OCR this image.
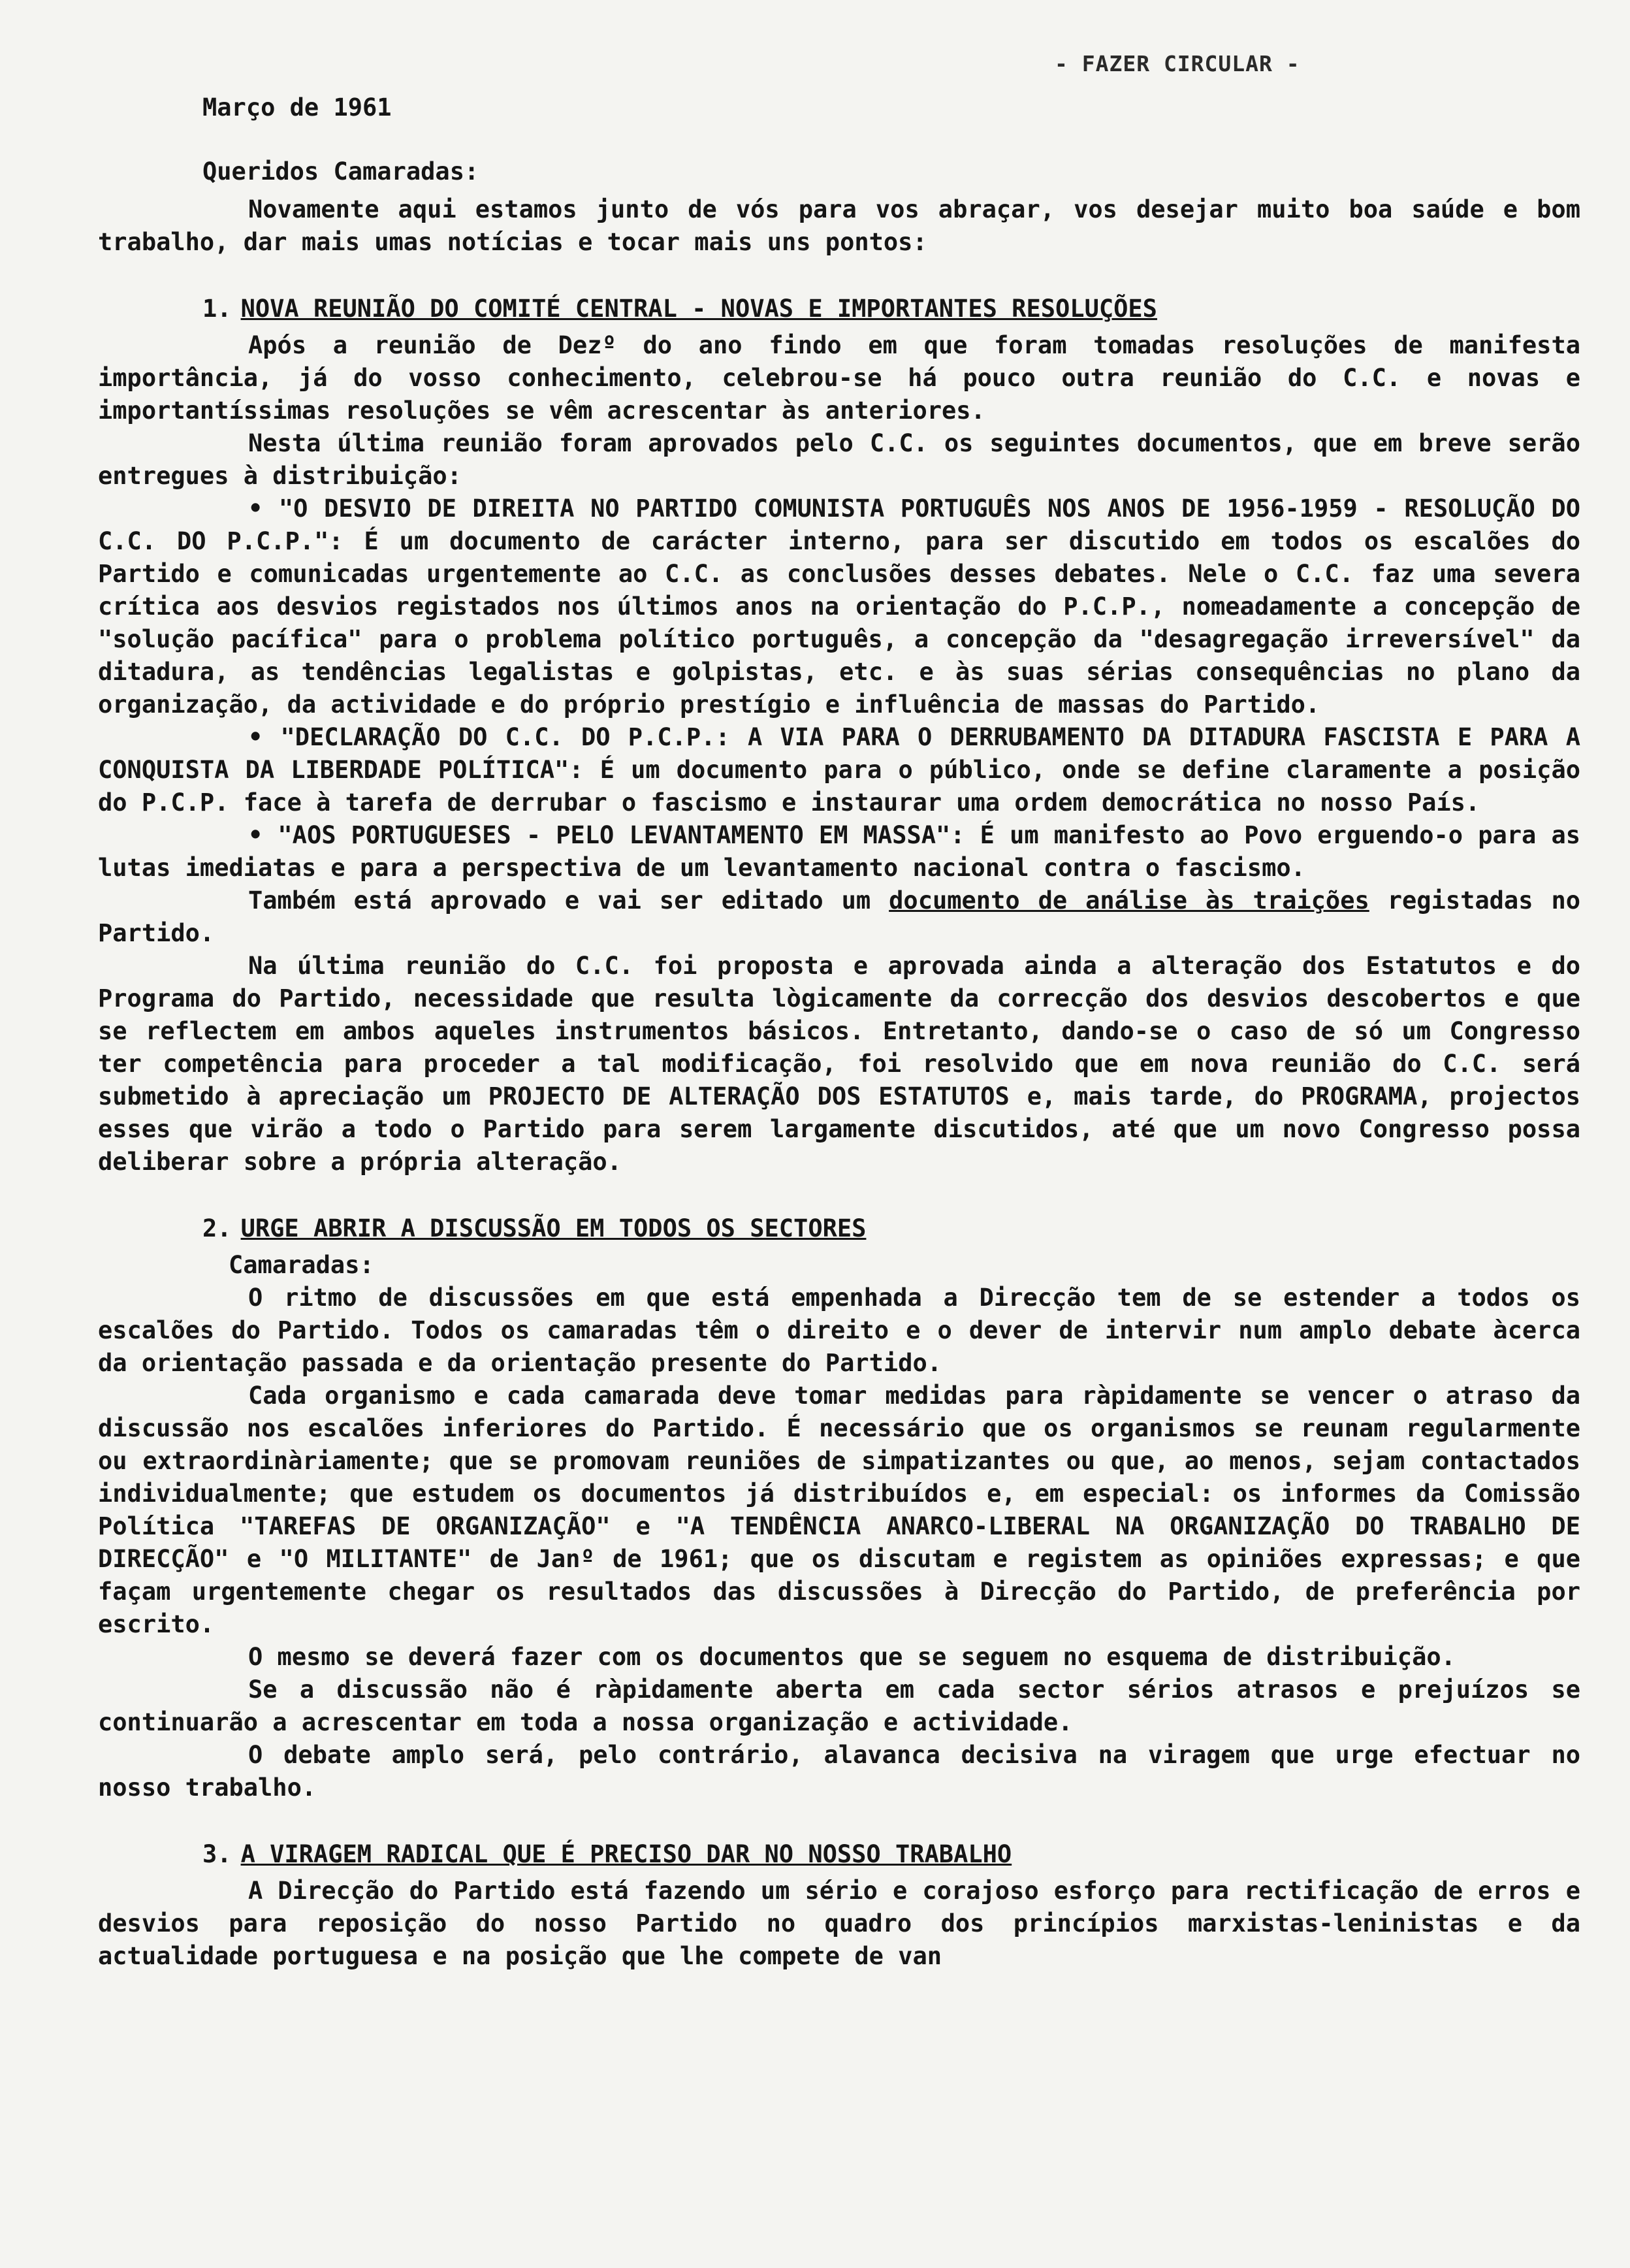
- FAZER CIRCULAR -
Março de 1961
Queridos Camaradas:

Novamente aqui estamos junto de vós para vos abraçar, vos desejar muito boa saúde e bom trabalho, dar mais umas notícias e tocar mais uns pontos:

1. NOVA REUNIÃO DO COMITÉ CENTRAL - NOVAS E IMPORTANTES RESOLUÇÕES

Após a reunião de Dezº do ano findo em que foram tomadas resoluções de manifesta importância, já do vosso conhecimento, celebrou-se há pouco outra reunião do C.C. e novas e importantíssimas resoluções se vêm acrescentar às anteriores.

Nesta última reunião foram aprovados pelo C.C. os seguintes documentos, que em breve serão entregues à distribuição:

• "O DESVIO DE DIREITA NO PARTIDO COMUNISTA PORTUGUÊS NOS ANOS DE 1956-1959 - RESOLUÇÃO DO C.C. DO P.C.P.": É um documento de carácter interno, para ser discutido em todos os escalões do Partido e comunicadas urgentemente ao C.C. as conclusões desses debates. Nele o C.C. faz uma severa crítica aos desvios registados nos últimos anos na orientação do P.C.P., nomeadamente a concepção de "solução pacífica" para o problema político português, a concepção da "desagregação irreversível" da ditadura, as tendências legalistas e golpistas, etc. e às suas sérias consequências no plano da organização, da actividade e do próprio prestígio e influência de massas do Partido.

• "DECLARAÇÃO DO C.C. DO P.C.P.: A VIA PARA O DERRUBAMENTO DA DITADURA FASCISTA E PARA A CONQUISTA DA LIBERDADE POLÍTICA": É um documento para o público, onde se define claramente a posição do P.C.P. face à tarefa de derrubar o fascismo e instaurar uma ordem democrática no nosso País.

• "AOS PORTUGUESES - PELO LEVANTAMENTO EM MASSA": É um manifesto ao Povo erguendo-o para as lutas imediatas e para a perspectiva de um levantamento nacional contra o fascismo.

Também está aprovado e vai ser editado um documento de análise às traições registadas no Partido.

Na última reunião do C.C. foi proposta e aprovada ainda a alteração dos Estatutos e do Programa do Partido, necessidade que resulta lògicamente da correcção dos desvios descobertos e que se reflectem em ambos aqueles instrumentos básicos. Entretanto, dando-se o caso de só um Congresso ter competência para proceder a tal modificação, foi resolvido que em nova reunião do C.C. será submetido à apreciação um PROJECTO DE ALTERAÇÃO DOS ESTATUTOS e, mais tarde, do PROGRAMA, projectos esses que virão a todo o Partido para serem largamente discutidos, até que um novo Congresso possa deliberar sobre a própria alteração.

2. URGE ABRIR A DISCUSSÃO EM TODOS OS SECTORES
Camaradas:

O ritmo de discussões em que está empenhada a Direcção tem de se estender a todos os escalões do Partido. Todos os camaradas têm o direito e o dever de intervir num amplo debate àcerca da orientação passada e da orientação presente do Partido.

Cada organismo e cada camarada deve tomar medidas para ràpidamente se vencer o atraso da discussão nos escalões inferiores do Partido. É necessário que os organismos se reunam regularmente ou extraordinàriamente; que se promovam reuniões de simpatizantes ou que, ao menos, sejam contactados individualmente; que estudem os documentos já distribuídos e, em especial: os informes da Comissão Política "TAREFAS DE ORGANIZAÇÃO" e "A TENDÊNCIA ANARCO-LIBERAL NA ORGANIZAÇÃO DO TRABALHO DE DIRECÇÃO" e "O MILITANTE" de Janº de 1961; que os discutam e registem as opiniões expressas; e que façam urgentemente chegar os resultados das discussões à Direcção do Partido, de preferência por escrito.

O mesmo se deverá fazer com os documentos que se seguem no esquema de distribuição.

Se a discussão não é ràpidamente aberta em cada sector sérios atrasos e prejuízos se continuarão a acrescentar em toda a nossa organização e actividade.

O debate amplo será, pelo contrário, alavanca decisiva na viragem que urge efectuar no nosso trabalho.

3. A VIRAGEM RADICAL QUE É PRECISO DAR NO NOSSO TRABALHO

A Direcção do Partido está fazendo um sério e corajoso esforço para rectificação de erros e desvios para reposição do nosso Partido no quadro dos princípios marxistas-leninistas e da actualidade portuguesa e na posição que lhe compete de van
